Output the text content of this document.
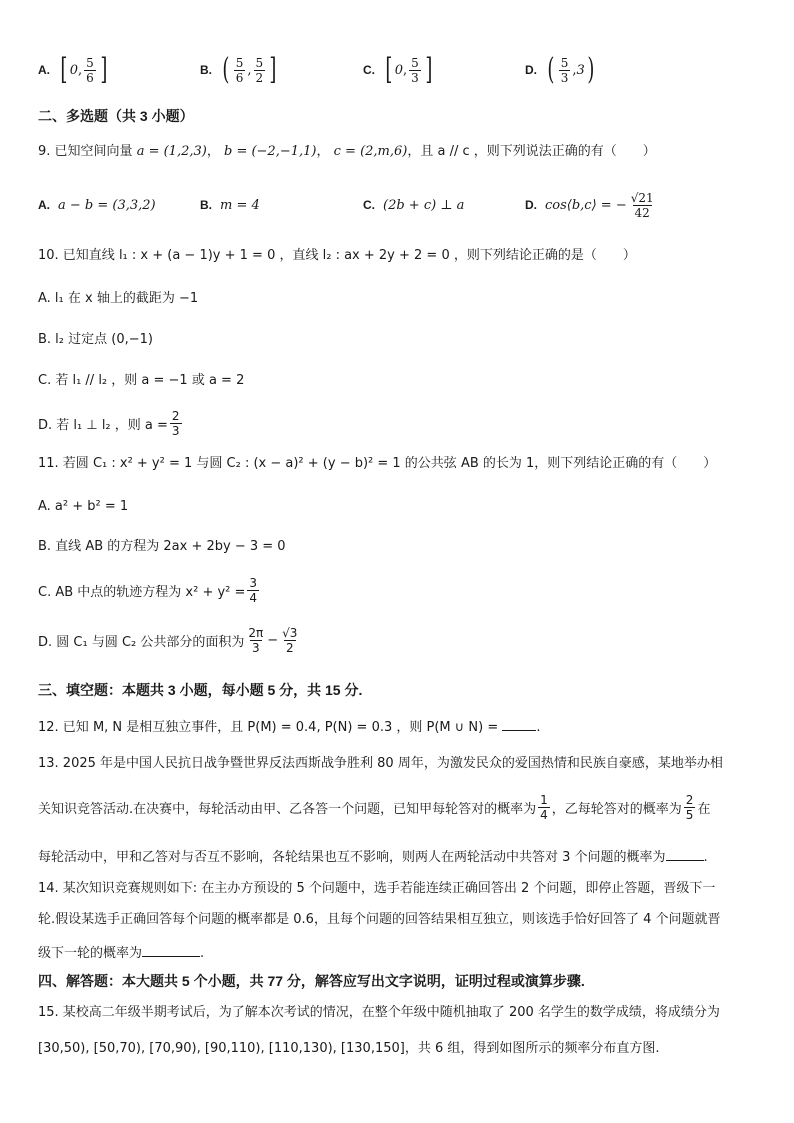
A. [ 0 , $\frac{5}{6}$ ]	B. ( $\frac{5}{6}$ , $\frac{5}{2}$ ]	C. [ 0 , $\frac{5}{3}$ ]	D. ( $\frac{5}{3}$ , 3 )
二、多选题（共 3 小题）
9. 已知空间向量 a = (1,2,3)， b = (−2,−1,1)， c = (2,m,6)，且 a // c ，则下列说法正确的有（　　）
A. a − b = (3,3,2)	B. m = 4	C. (2b + c) ⊥ a	D. cos⟨b,c⟩ = − $\frac{√21}{42}$
10. 已知直线 l₁ : x + (a − 1)y + 1 = 0 ，直线 l₂ : ax + 2y + 2 = 0 ，则下列结论正确的是（　　）
A. l₁ 在 x 轴上的截距为 −1
B. l₂ 过定点 (0,−1)
C. 若 l₁ // l₂ ，则 a = −1 或 a = 2
D. 若 l₁ ⊥ l₂ ，则 $a = \frac{2}{3}$
11. 若圆 C₁ : x² + y² = 1 与圆 C₂ : (x − a)² + (y − b)² = 1 的公共弦 AB 的长为 1，则下列结论正确的有（　　）
A. a² + b² = 1
B. 直线 AB 的方程为 2ax + 2by − 3 = 0
C. AB 中点的轨迹方程为 $x^2 + y^2 = \frac{3}{4}$
D. 圆 C₁ 与圆 C₂ 公共部分的面积为 $\frac{2\pi}{3} - \frac{√3}{2}$
三、填空题：本题共 3 小题，每小题 5 分，共 15 分.
12. 已知 M, N 是相互独立事件，且 P(M) = 0.4, P(N) = 0.3 ，则 P(M ∪ N) =	.
13. 2025 年是中国人民抗日战争暨世界反法西斯战争胜利 80 周年，为激发民众的爱国热情和民族自豪感，某地举办相
关知识竞答活动.在决赛中，每轮活动由甲、乙各答一个问题，已知甲每轮答对的概率为 $\frac{1}{4}$ ，乙每轮答对的概率为 $\frac{2}{5}$ 在
每轮活动中，甲和乙答对与否互不影响，各轮结果也互不影响，则两人在两轮活动中共答对 3 个问题的概率为	.
14. 某次知识竞赛规则如下: 在主办方预设的 5 个问题中，选手若能连续正确回答出 2 个问题，即停止答题，晋级下一
轮.假设某选手正确回答每个问题的概率都是 0.6，且每个问题的回答结果相互独立，则该选手恰好回答了 4 个问题就晋
级下一轮的概率为	.
四、解答题：本大题共 5 个小题，共 77 分，解答应写出文字说明，证明过程或演算步骤.
15. 某校高二年级半期考试后，为了解本次考试的情况，在整个年级中随机抽取了 200 名学生的数学成绩，将成绩分为
[30,50), [50,70), [70,90), [90,110), [110,130), [130,150]，共 6 组，得到如图所示的频率分布直方图.
